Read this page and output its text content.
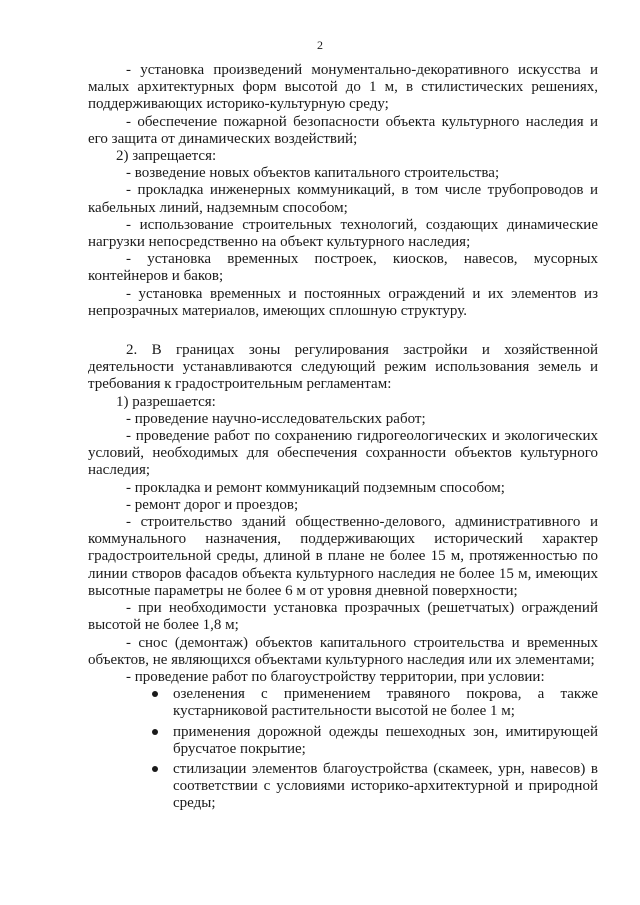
2

- установка произведений монументально-декоративного искусства и малых архитектурных форм высотой до 1 м, в стилистических решениях, поддерживающих историко-культурную среду;

- обеспечение пожарной безопасности объекта культурного наследия и его защита от динамических воздействий;

2) запрещается:

- возведение новых объектов капитального строительства;

- прокладка инженерных коммуникаций, в том числе трубопроводов и кабельных линий, надземным способом;

- использование строительных технологий, создающих динамические нагрузки непосредственно на объект культурного наследия;

- установка временных построек, киосков, навесов, мусорных контейнеров и баков;

- установка временных и постоянных ограждений и их элементов из непрозрачных материалов, имеющих сплошную структуру.

2. В границах зоны регулирования застройки и хозяйственной деятельности устанавливаются следующий режим использования земель и требования к градостроительным регламентам:

1) разрешается:

- проведение научно-исследовательских работ;

- проведение работ по сохранению гидрогеологических и экологических условий, необходимых для обеспечения сохранности объектов культурного наследия;

- прокладка и ремонт коммуникаций подземным способом;

- ремонт дорог и проездов;

- строительство зданий общественно-делового, административного и коммунального назначения, поддерживающих исторический характер градостроительной среды, длиной в плане не более 15 м, протяженностью по линии створов фасадов объекта культурного наследия не более 15 м, имеющих высотные параметры не более 6 м от уровня дневной поверхности;

- при необходимости установка прозрачных (решетчатых) ограждений высотой не более 1,8 м;

- снос (демонтаж) объектов капитального строительства и временных объектов, не являющихся объектами культурного наследия или их элементами;

- проведение работ по благоустройству территории, при условии:

озеленения с применением травяного покрова, а также кустарниковой растительности высотой не более 1 м;
применения дорожной одежды пешеходных зон, имитирующей брусчатое покрытие;
стилизации элементов благоустройства (скамеек, урн, навесов) в соответствии с условиями историко-архитектурной и природной среды;
